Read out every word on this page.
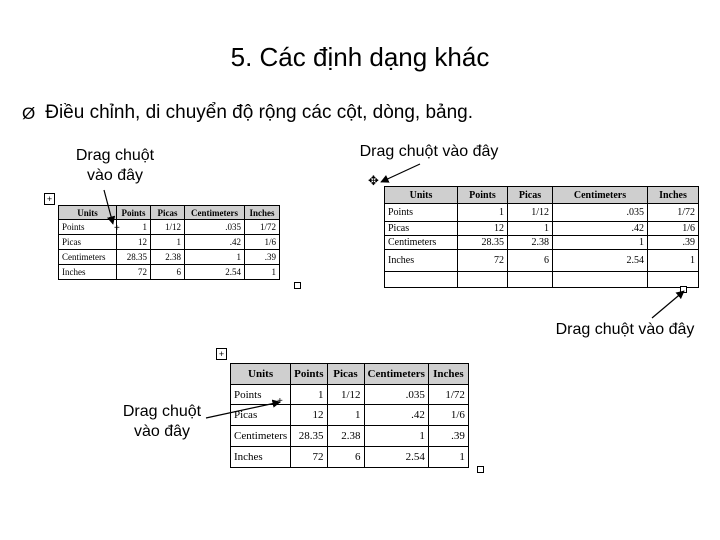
5. Các định dạng khác
Ø Điều chỉnh, di chuyển độ rộng các cột, dòng, bảng.
Drag chuột
vào đây
Drag chuột vào đây
Drag chuột vào đây
Drag chuột
vào đây
+
Units	Points	Picas	Centimeters	Inches
Points	1	1/12	.035	1/72
Picas	12	1	.42	1/6
Centimeters	28.35	2.38	1	.39
Inches	72	6	2.54	1
✥
Units	Points	Picas	Centimeters	Inches
Points	1	1/12	.035	1/72
Picas	12	1	.42	1/6
Centimeters	28.35	2.38	1	.39
Inches	72	6	2.54	1

+
Units	Points	Picas	Centimeters	Inches
Points	1	1/12	.035	1/72
Picas	12	1	.42	1/6
Centimeters	28.35	2.38	1	.39
Inches	72	6	2.54	1
+
+
